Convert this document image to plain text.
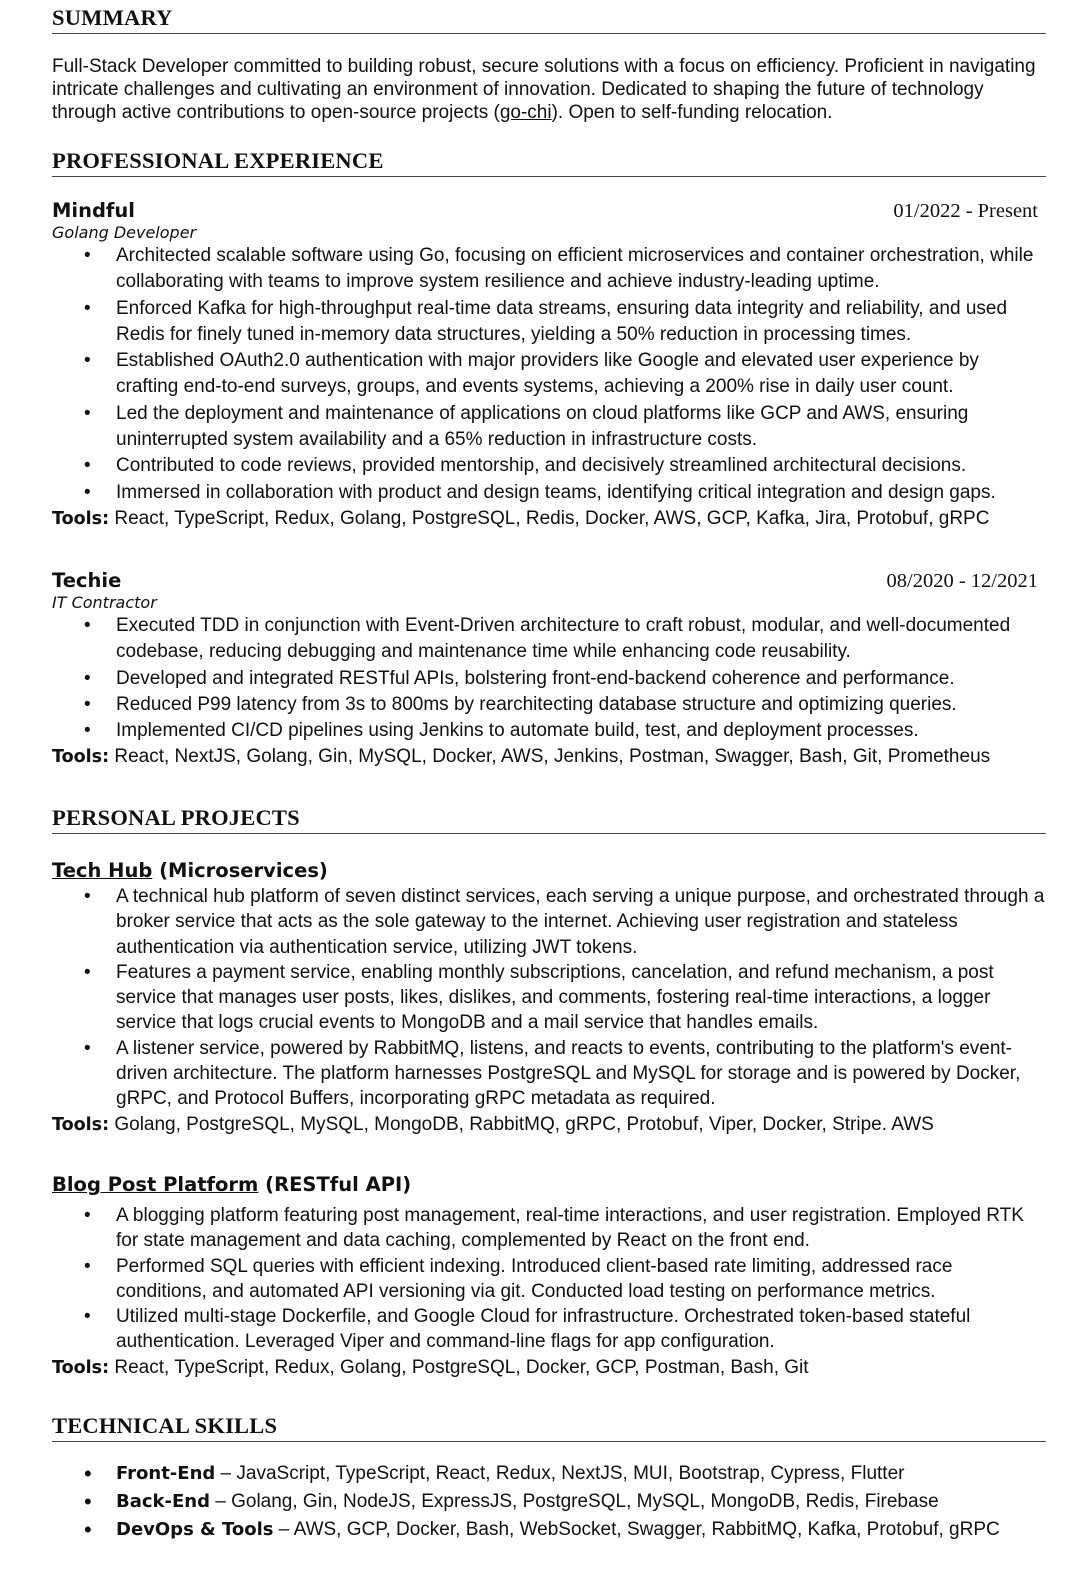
SUMMARY
Full-Stack Developer committed to building robust, secure solutions with a focus on efficiency. Proficient in navigating intricate challenges and cultivating an environment of innovation. Dedicated to shaping the future of technology through active contributions to open-source projects (go-chi). Open to self-funding relocation.
PROFESSIONAL EXPERIENCE
Mindful	01/2022 - Present
Golang Developer
• Architected scalable software using Go, focusing on efficient microservices and container orchestration, while collaborating with teams to improve system resilience and achieve industry-leading uptime.
• Enforced Kafka for high-throughput real-time data streams, ensuring data integrity and reliability, and used Redis for finely tuned in-memory data structures, yielding a 50% reduction in processing times.
• Established OAuth2.0 authentication with major providers like Google and elevated user experience by crafting end-to-end surveys, groups, and events systems, achieving a 200% rise in daily user count.
• Led the deployment and maintenance of applications on cloud platforms like GCP and AWS, ensuring uninterrupted system availability and a 65% reduction in infrastructure costs.
• Contributed to code reviews, provided mentorship, and decisively streamlined architectural decisions.
• Immersed in collaboration with product and design teams, identifying critical integration and design gaps.
Tools: React, TypeScript, Redux, Golang, PostgreSQL, Redis, Docker, AWS, GCP, Kafka, Jira, Protobuf, gRPC
Techie	08/2020 - 12/2021
IT Contractor
• Executed TDD in conjunction with Event-Driven architecture to craft robust, modular, and well-documented codebase, reducing debugging and maintenance time while enhancing code reusability.
• Developed and integrated RESTful APIs, bolstering front-end-backend coherence and performance.
• Reduced P99 latency from 3s to 800ms by rearchitecting database structure and optimizing queries.
• Implemented CI/CD pipelines using Jenkins to automate build, test, and deployment processes.
Tools: React, NextJS, Golang, Gin, MySQL, Docker, AWS, Jenkins, Postman, Swagger, Bash, Git, Prometheus
PERSONAL PROJECTS
Tech Hub (Microservices)
• A technical hub platform of seven distinct services, each serving a unique purpose, and orchestrated through a broker service that acts as the sole gateway to the internet. Achieving user registration and stateless authentication via authentication service, utilizing JWT tokens.
• Features a payment service, enabling monthly subscriptions, cancelation, and refund mechanism, a post service that manages user posts, likes, dislikes, and comments, fostering real-time interactions, a logger service that logs crucial events to MongoDB and a mail service that handles emails.
• A listener service, powered by RabbitMQ, listens, and reacts to events, contributing to the platform's event-driven architecture. The platform harnesses PostgreSQL and MySQL for storage and is powered by Docker, gRPC, and Protocol Buffers, incorporating gRPC metadata as required.
Tools: Golang, PostgreSQL, MySQL, MongoDB, RabbitMQ, gRPC, Protobuf, Viper, Docker, Stripe. AWS
Blog Post Platform (RESTful API)
• A blogging platform featuring post management, real-time interactions, and user registration. Employed RTK for state management and data caching, complemented by React on the front end.
• Performed SQL queries with efficient indexing. Introduced client-based rate limiting, addressed race conditions, and automated API versioning via git. Conducted load testing on performance metrics.
• Utilized multi-stage Dockerfile, and Google Cloud for infrastructure. Orchestrated token-based stateful authentication. Leveraged Viper and command-line flags for app configuration.
Tools: React, TypeScript, Redux, Golang, PostgreSQL, Docker, GCP, Postman, Bash, Git
TECHNICAL SKILLS
• Front-End – JavaScript, TypeScript, React, Redux, NextJS, MUI, Bootstrap, Cypress, Flutter
• Back-End – Golang, Gin, NodeJS, ExpressJS, PostgreSQL, MySQL, MongoDB, Redis, Firebase
• DevOps & Tools – AWS, GCP, Docker, Bash, WebSocket, Swagger, RabbitMQ, Kafka, Protobuf, gRPC
